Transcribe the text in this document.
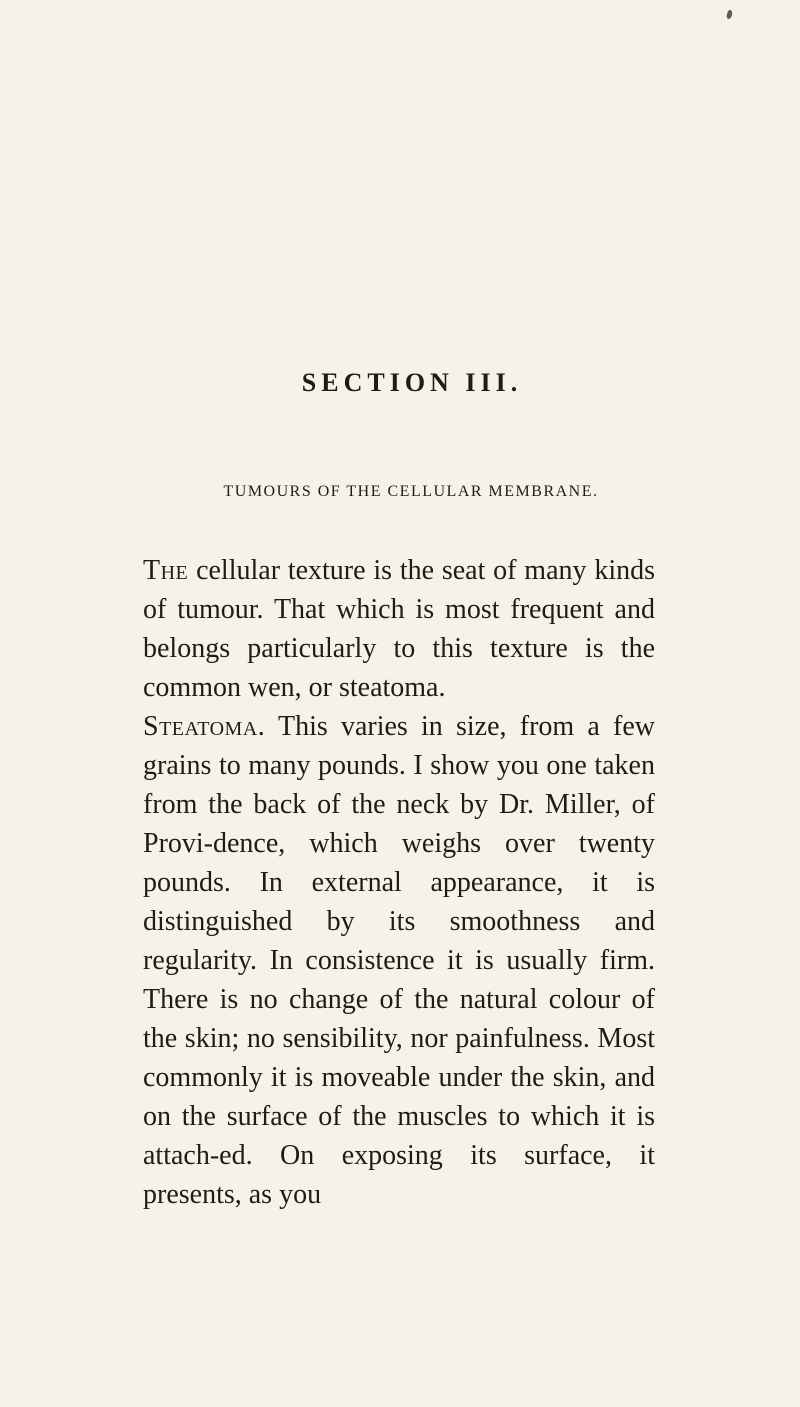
SECTION III.
TUMOURS OF THE CELLULAR MEMBRANE.

The cellular texture is the seat of many kinds of tumour. That which is most frequent and belongs particularly to this texture is the common wen, or steatoma.

Steatoma. This varies in size, from a few grains to many pounds. I show you one taken from the back of the neck by Dr. Miller, of Provi-dence, which weighs over twenty pounds. In external appearance, it is distinguished by its smoothness and regularity. In consistence it is usually firm. There is no change of the natural colour of the skin; no sensibility, nor painfulness. Most commonly it is moveable under the skin, and on the surface of the muscles to which it is attach-ed. On exposing its surface, it presents, as you
